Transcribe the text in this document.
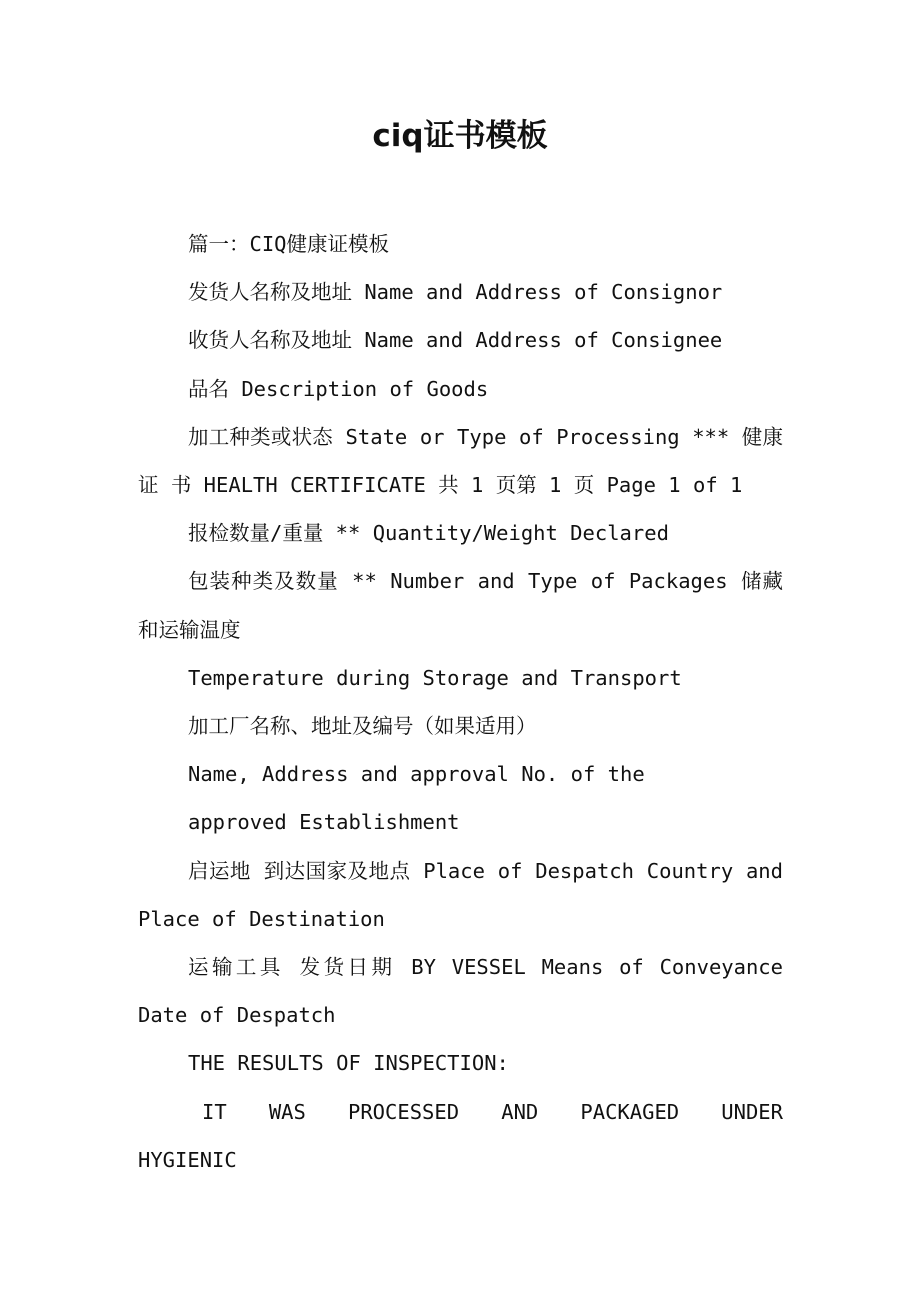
ciq证书模板

篇一：CIQ健康证模板

发货人名称及地址 Name and Address of Consignor

收货人名称及地址 Name and Address of Consignee

品名 Description of Goods

加工种类或状态 State or Type of Processing *** 健康 证 书 HEALTH CERTIFICATE 共 1 页第 1 页 Page 1 of 1

报检数量/重量 ** Quantity/Weight Declared

包装种类及数量 ** Number and Type of Packages 储藏和运输温度

Temperature during Storage and Transport

加工厂名称、地址及编号（如果适用）

Name, Address and approval No. of the

approved Establishment

启运地 到达国家及地点 Place of Despatch Country and Place of Destination

运输工具 发货日期 BY VESSEL Means of Conveyance Date of Despatch

THE RESULTS OF INSPECTION:

IT WAS PROCESSED AND PACKAGED UNDER HYGIENIC
